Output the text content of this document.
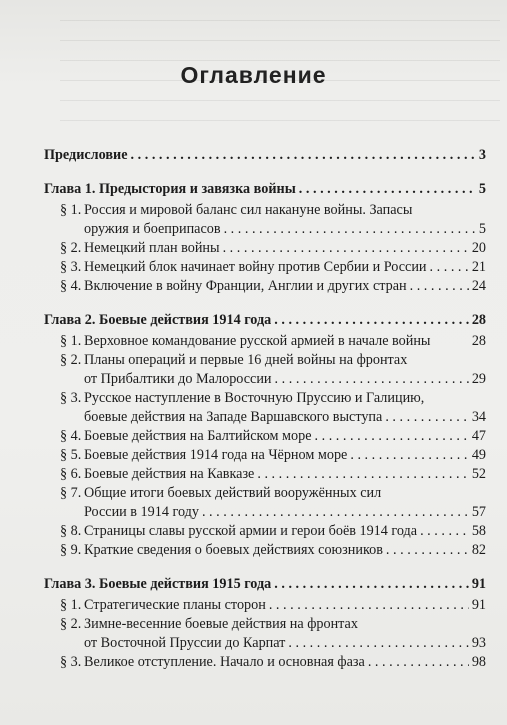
Оглавление
Предисловие . . .	3
Глава 1. Предыстория и завязка войны . . .	5
§ 1. Россия и мировой баланс сил накануне войны. Запасы
оружия и боеприпасов . . .	5
§ 2. Немецкий план войны . . .	20
§ 3. Немецкий блок начинает войну против Сербии и России . . .	21
§ 4. Включение в войну Франции, Англии и других стран . . .	24
Глава 2. Боевые действия 1914 года . . .	28
§ 1. Верховное командование русской армией в начале войны	28
§ 2. Планы операций и первые 16 дней войны на фронтах
от Прибалтики до Малороссии . . .	29
§ 3. Русское наступление в Восточную Пруссию и Галицию,
боевые действия на Западе Варшавского выступа . . .	34
§ 4. Боевые действия на Балтийском море . . .	47
§ 5. Боевые действия 1914 года на Чёрном море . . .	49
§ 6. Боевые действия на Кавказе . . .	52
§ 7. Общие итоги боевых действий вооружённых сил
России в 1914 году . . .	57
§ 8. Страницы славы русской армии и герои боёв 1914 года . . .	58
§ 9. Краткие сведения о боевых действиях союзников . . .	82
Глава 3. Боевые действия 1915 года . . .	91
§ 1. Стратегические планы сторон . . .	91
§ 2. Зимне-весенние боевые действия на фронтах
от Восточной Пруссии до Карпат . . .	93
§ 3. Великое отступление. Начало и основная фаза . . .	98
